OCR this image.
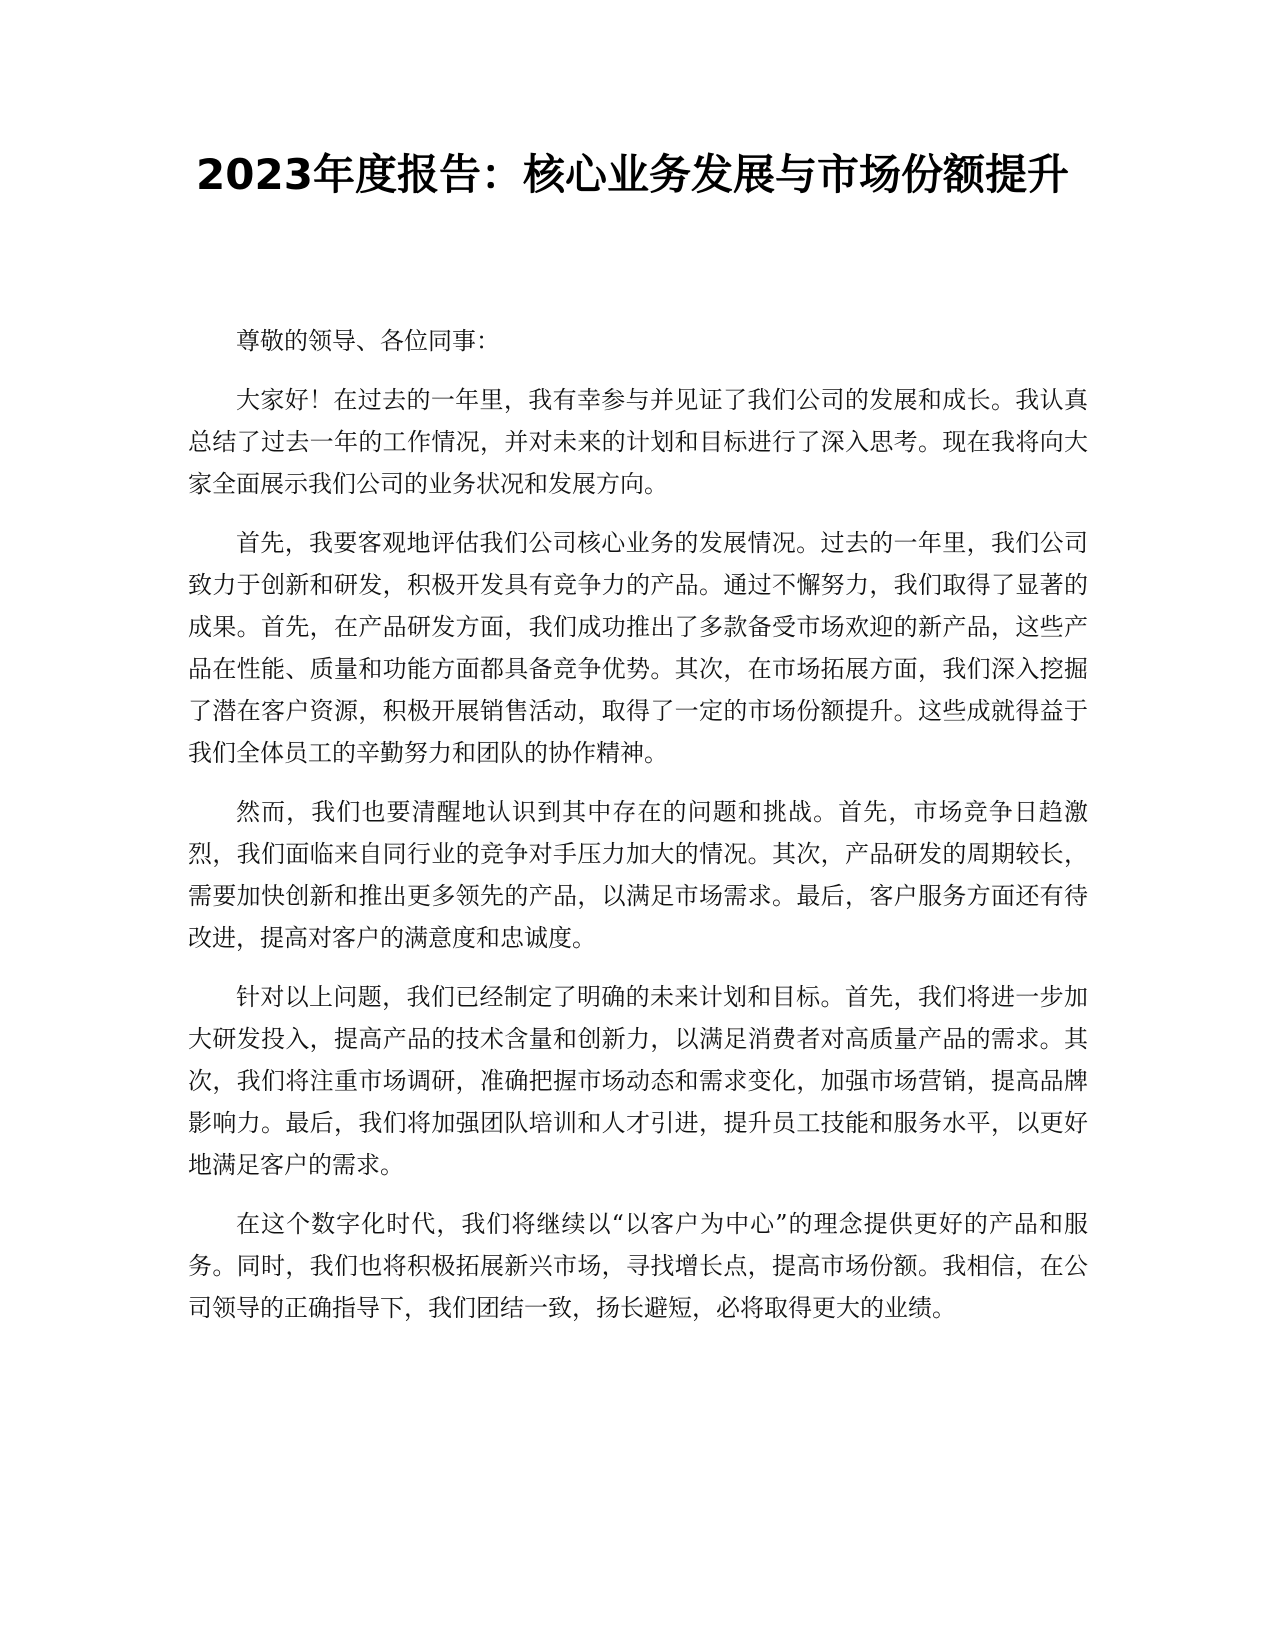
2023年度报告：核心业务发展与市场份额提升

尊敬的领导、各位同事：

大家好！在过去的一年里，我有幸参与并见证了我们公司的发展和成长。我认真总结了过去一年的工作情况，并对未来的计划和目标进行了深入思考。现在我将向大家全面展示我们公司的业务状况和发展方向。

首先，我要客观地评估我们公司核心业务的发展情况。过去的一年里，我们公司致力于创新和研发，积极开发具有竞争力的产品。通过不懈努力，我们取得了显著的成果。首先，在产品研发方面，我们成功推出了多款备受市场欢迎的新产品，这些产品在性能、质量和功能方面都具备竞争优势。其次，在市场拓展方面，我们深入挖掘了潜在客户资源，积极开展销售活动，取得了一定的市场份额提升。这些成就得益于我们全体员工的辛勤努力和团队的协作精神。

然而，我们也要清醒地认识到其中存在的问题和挑战。首先，市场竞争日趋激烈，我们面临来自同行业的竞争对手压力加大的情况。其次，产品研发的周期较长，需要加快创新和推出更多领先的产品，以满足市场需求。最后，客户服务方面还有待改进，提高对客户的满意度和忠诚度。

针对以上问题，我们已经制定了明确的未来计划和目标。首先，我们将进一步加大研发投入，提高产品的技术含量和创新力，以满足消费者对高质量产品的需求。其次，我们将注重市场调研，准确把握市场动态和需求变化，加强市场营销，提高品牌影响力。最后，我们将加强团队培训和人才引进，提升员工技能和服务水平，以更好地满足客户的需求。

在这个数字化时代，我们将继续以“以客户为中心”的理念提供更好的产品和服务。同时，我们也将积极拓展新兴市场，寻找增长点，提高市场份额。我相信，在公司领导的正确指导下，我们团结一致，扬长避短，必将取得更大的业绩。
